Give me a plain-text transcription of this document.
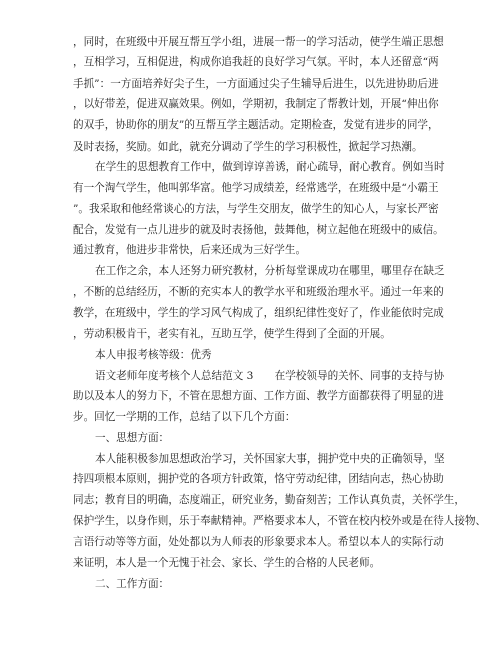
，同时，在班级中开展互帮互学小组，进展一帮一的学习活动，使学生端正思想
，互相学习，互相促进，构成你追我赶的良好学习气氛。平时，本人还留意“两
手抓”：一方面培养好尖子生，一方面通过尖子生辅导后进生，以先进协助后进
，以好带差，促进双赢效果。例如，学期初，我制定了帮教计划，开展“伸出你
的双手，协助你的朋友”的互帮互学主题活动。定期检查，发觉有进步的同学，
及时表扬，奖励。如此，就充分调动了学生的学习积极性，掀起学习热潮。
在学生的思想教育工作中，做到谆谆善诱，耐心疏导，耐心教育。例如当时
有一个淘气学生，他叫郭华富。他学习成绩差，经常逃学，在班级中是“小霸王
”。我采取和他经常谈心的方法，与学生交朋友，做学生的知心人，与家长严密
配合，发觉有一点儿进步的就及时表扬他，鼓舞他，树立起他在班级中的威信。
通过教育，他进步非常快，后来还成为三好学生。
在工作之余，本人还努力研究教材，分析每堂课成功在哪里，哪里存在缺乏
，不断的总结经历，不断的充实本人的教学水平和班级治理水平。通过一年来的
教学，在班级中，学生的学习风气构成了，组织纪律性变好了，作业能依时完成
，劳动积极肯干，老实有礼，互助互学，使学生得到了全面的开展。
本人申报考核等级：优秀
语文老师年度考核个人总结范文 3　　在学校领导的关怀、同事的支持与协
助以及本人的努力下，不管在思想方面、工作方面、教学方面都获得了明显的进
步。回忆一学期的工作，总结了以下几个方面：
一、思想方面：
本人能积极参加思想政治学习，关怀国家大事，拥护党中央的正确领导，坚
持四项根本原则，拥护党的各项方针政策，恪守劳动纪律，团结向志，热心协助
同志；教育目的明确，态度端正，研究业务，勤奋刻苦；工作认真负责，关怀学生，
保护学生，以身作则，乐于奉献精神。严格要求本人，不管在校内校外或是在待人接物、
言语行动等等方面，处处都以为人师表的形象要求本人。希望以本人的实际行动
来证明，本人是一个无愧于社会、家长、学生的合格的人民老师。
二、工作方面：
